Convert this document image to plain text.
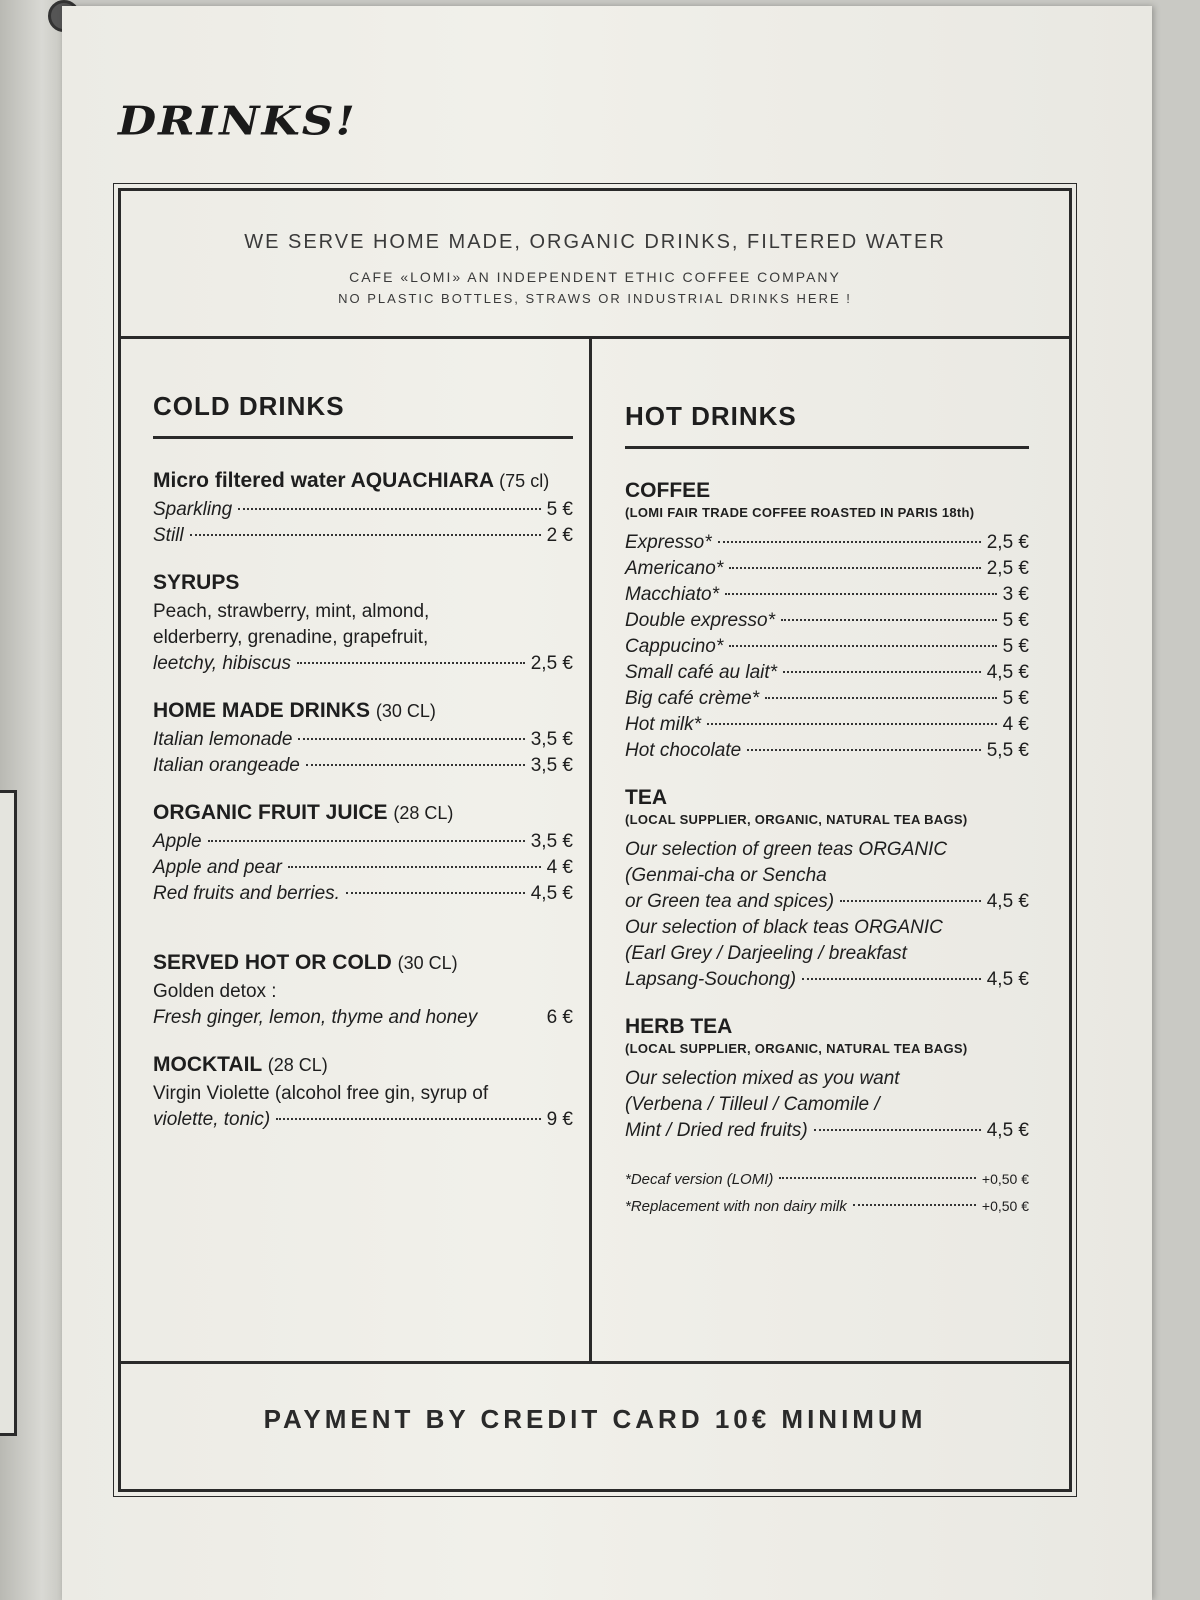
DRINKS!
WE SERVE HOME MADE, ORGANIC DRINKS, FILTERED WATER
CAFE «LOMI» AN INDEPENDENT ETHIC COFFEE COMPANY
NO PLASTIC BOTTLES, STRAWS OR INDUSTRIAL DRINKS HERE !
COLD DRINKS
Micro filtered water AQUACHIARA (75 cl)
Sparkling	5 €
Still	2 €
SYRUPS
Peach, strawberry, mint, almond,
elderberry, grenadine, grapefruit,
leetchy, hibiscus	2,5 €
HOME MADE DRINKS (30 CL)
Italian lemonade	3,5 €
Italian orangeade	3,5 €
ORGANIC FRUIT JUICE (28 CL)
Apple	3,5 €
Apple and pear	4 €
Red fruits and berries.	4,5 €
SERVED HOT OR COLD (30 CL)
Golden detox :
Fresh ginger, lemon, thyme and honey	6 €
MOCKTAIL (28 CL)
Virgin Violette (alcohol free gin, syrup of
violette, tonic)	9 €
HOT DRINKS
COFFEE
(LOMI FAIR TRADE COFFEE ROASTED IN PARIS 18th)
Expresso*	2,5 €
Americano*	2,5 €
Macchiato*	3 €
Double expresso*	5 €
Cappucino*	5 €
Small café au lait*	4,5 €
Big café crème*	5 €
Hot milk*	4 €
Hot chocolate	5,5 €
TEA
(LOCAL SUPPLIER, ORGANIC, NATURAL TEA BAGS)
Our selection of green teas ORGANIC
(Genmai-cha or Sencha
or Green tea and spices)	4,5 €
Our selection of black teas ORGANIC
(Earl Grey / Darjeeling / breakfast
Lapsang-Souchong)	4,5 €
HERB TEA
(LOCAL SUPPLIER, ORGANIC, NATURAL TEA BAGS)
Our selection mixed as you want
(Verbena / Tilleul / Camomile /
Mint / Dried red fruits)	4,5 €
*Decaf version (LOMI)	+0,50 €
*Replacement with non dairy milk	+0,50 €
PAYMENT BY CREDIT CARD 10€ MINIMUM
